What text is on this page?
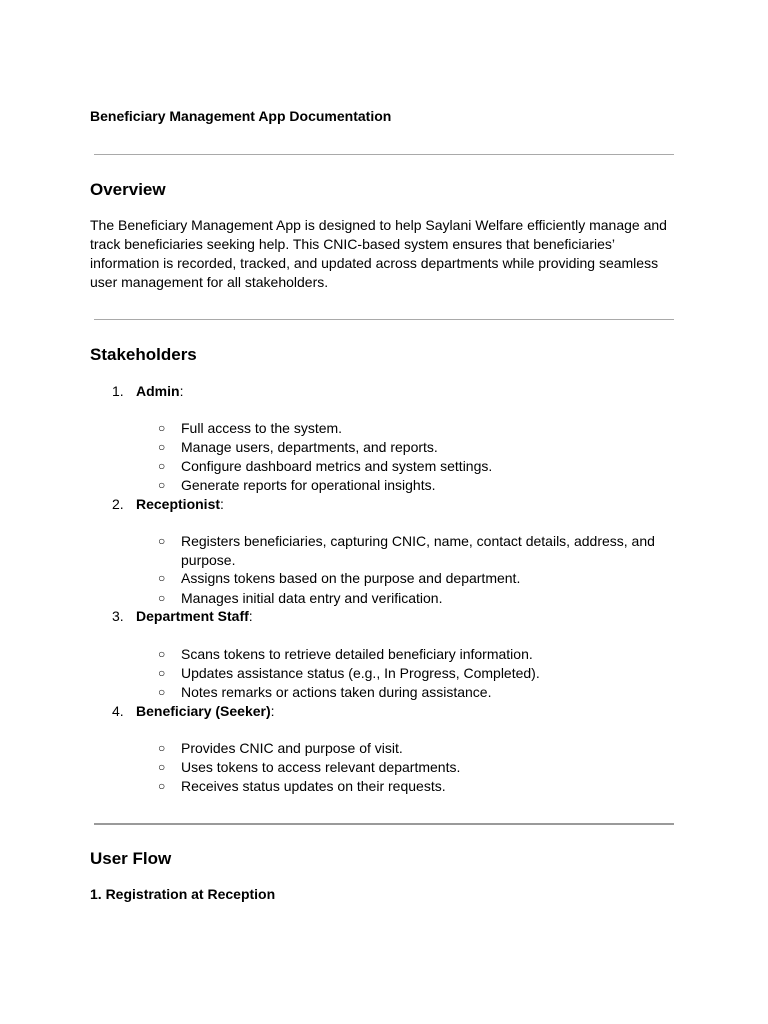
Beneficiary Management App Documentation
Overview

The Beneficiary Management App is designed to help Saylani Welfare efficiently manage and
track beneficiaries seeking help. This CNIC-based system ensures that beneficiaries’
information is recorded, tracked, and updated across departments while providing seamless
user management for all stakeholders.

Stakeholders
1. Admin:
○	Full access to the system.
○	Manage users, departments, and reports.
○	Configure dashboard metrics and system settings.
○	Generate reports for operational insights.
2. Receptionist:
○	Registers beneficiaries, capturing CNIC, name, contact details, address, and purpose.
○	Assigns tokens based on the purpose and department.
○	Manages initial data entry and verification.
3. Department Staff:
○	Scans tokens to retrieve detailed beneficiary information.
○	Updates assistance status (e.g., In Progress, Completed).
○	Notes remarks or actions taken during assistance.
4. Beneficiary (Seeker):
○	Provides CNIC and purpose of visit.
○	Uses tokens to access relevant departments.
○	Receives status updates on their requests.
User Flow
1. Registration at Reception
